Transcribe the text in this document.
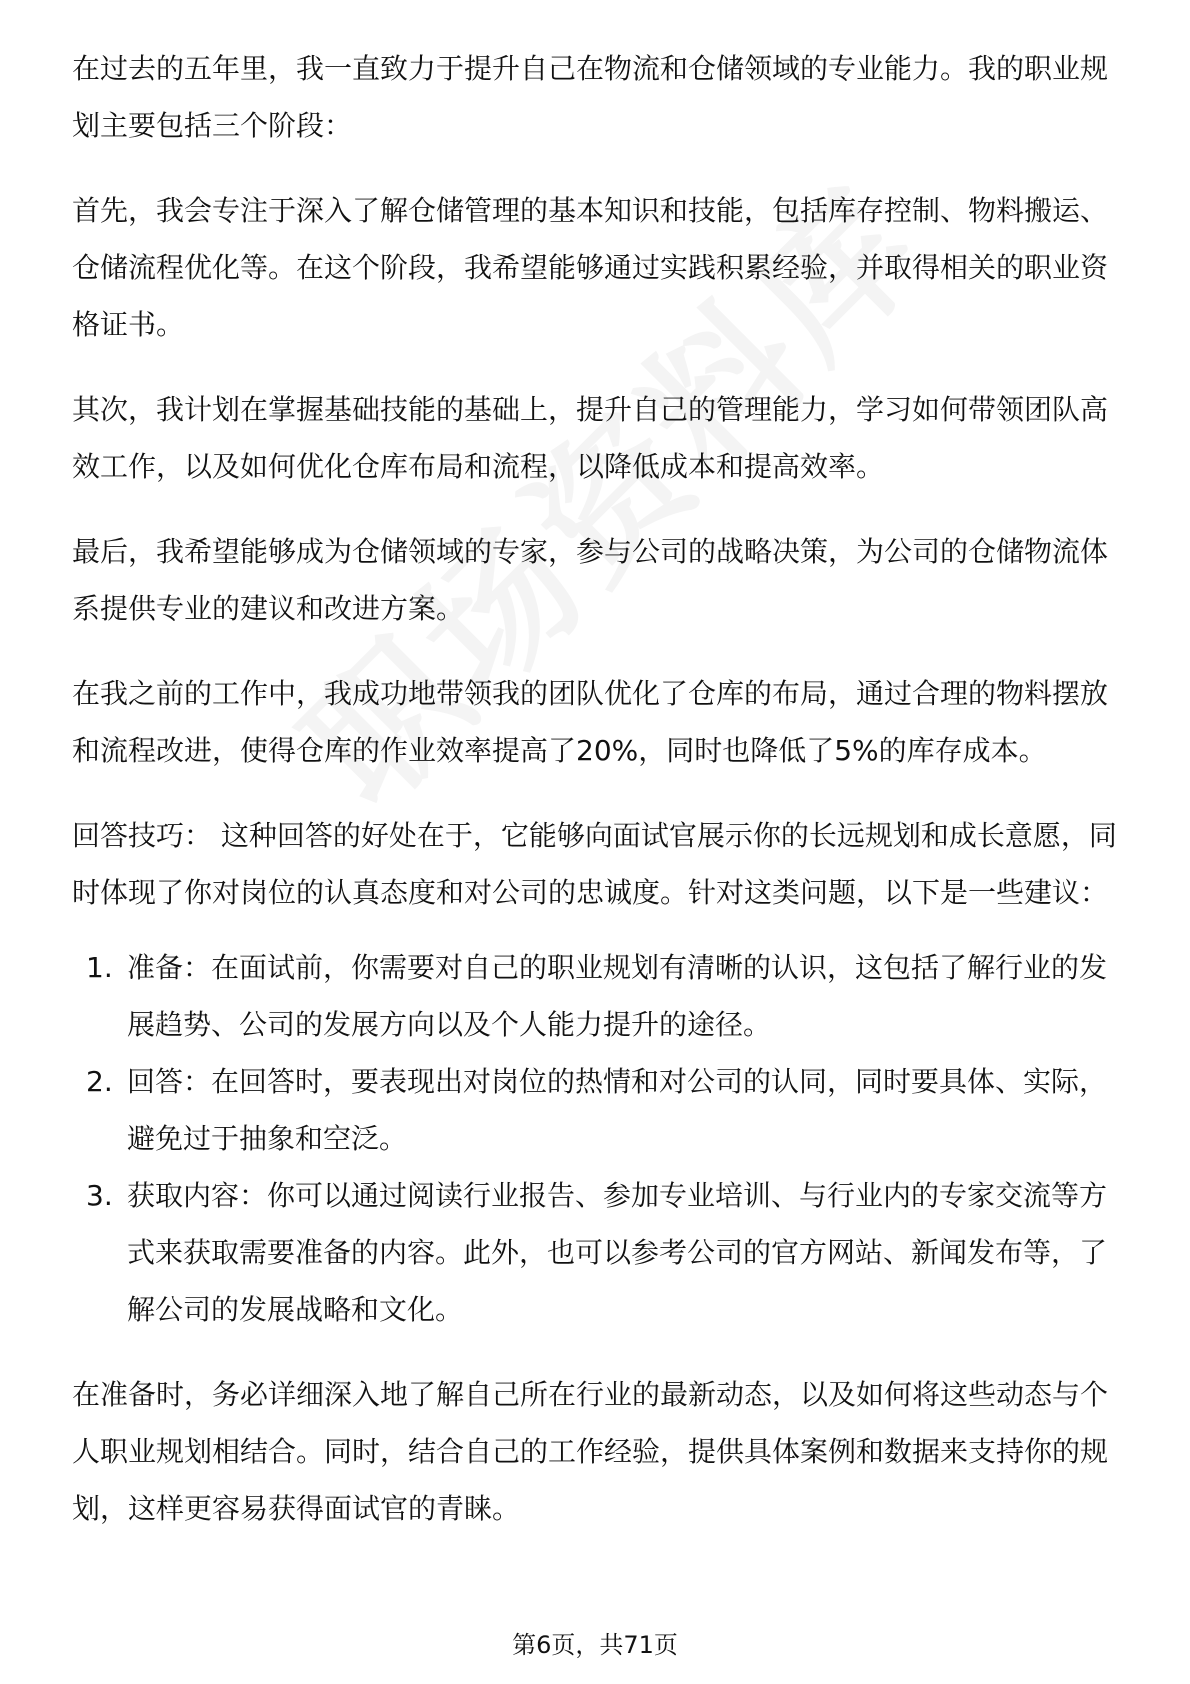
在过去的五年里，我一直致力于提升自己在物流和仓储领域的专业能力。我的职业规划主要包括三个阶段：

首先，我会专注于深入了解仓储管理的基本知识和技能，包括库存控制、物料搬运、仓储流程优化等。在这个阶段，我希望能够通过实践积累经验，并取得相关的职业资格证书。

其次，我计划在掌握基础技能的基础上，提升自己的管理能力，学习如何带领团队高效工作，以及如何优化仓库布局和流程，以降低成本和提高效率。

最后，我希望能够成为仓储领域的专家，参与公司的战略决策，为公司的仓储物流体系提供专业的建议和改进方案。

在我之前的工作中，我成功地带领我的团队优化了仓库的布局，通过合理的物料摆放和流程改进，使得仓库的作业效率提高了20%，同时也降低了5%的库存成本。

回答技巧： 这种回答的好处在于，它能够向面试官展示你的长远规划和成长意愿，同时体现了你对岗位的认真态度和对公司的忠诚度。针对这类问题，以下是一些建议：

1. 准备：在面试前，你需要对自己的职业规划有清晰的认识，这包括了解行业的发展趋势、公司的发展方向以及个人能力提升的途径。
2. 回答：在回答时，要表现出对岗位的热情和对公司的认同，同时要具体、实际，避免过于抽象和空泛。
3. 获取内容：你可以通过阅读行业报告、参加专业培训、与行业内的专家交流等方式来获取需要准备的内容。此外，也可以参考公司的官方网站、新闻发布等，了解公司的发展战略和文化。

在准备时，务必详细深入地了解自己所在行业的最新动态，以及如何将这些动态与个人职业规划相结合。同时，结合自己的工作经验，提供具体案例和数据来支持你的规划，这样更容易获得面试官的青睐。

第6页，共71页
